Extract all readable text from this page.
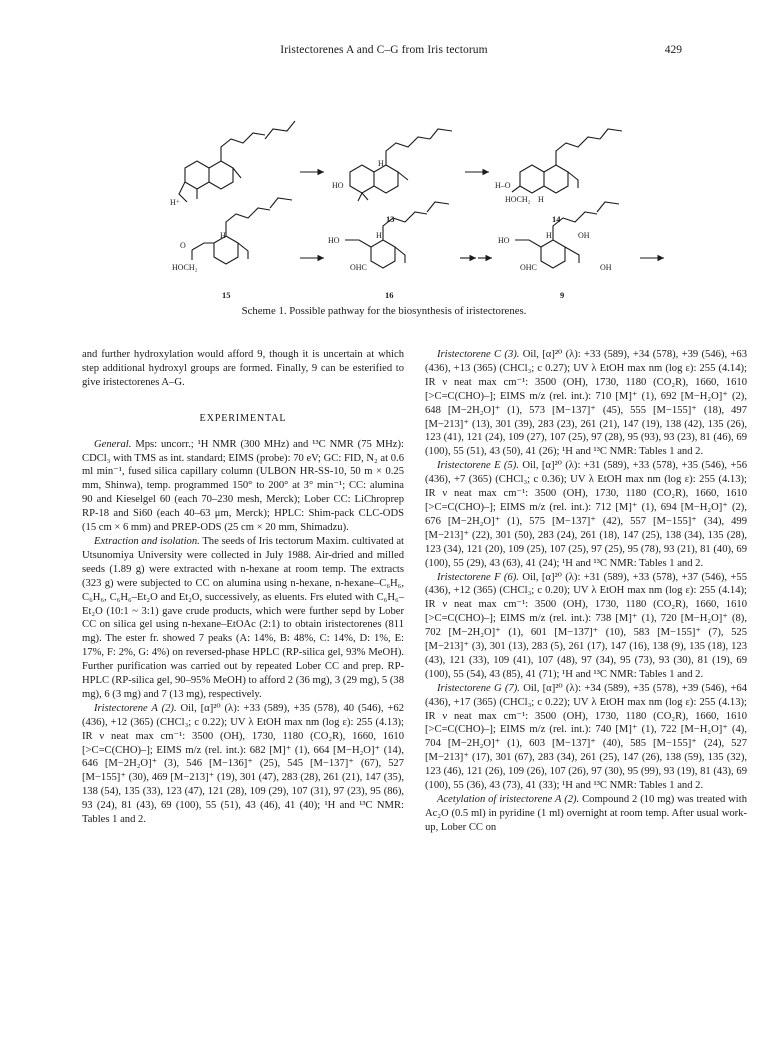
Iristectorenes A and C–G from Iris tectorum	429
H⁺
HO
H
13
H–O
HOCH₂ H
14
O
HOCH₂
H
15
HO
OHC
H
16
HO
OHC
OH
OH
H
9
Scheme 1. Possible pathway for the biosynthesis of iristectorenes.

and further hydroxylation would afford 9, though it is uncertain at which step additional hydroxyl groups are formed. Finally, 9 can be esterified to give iristectorenes A–G.

EXPERIMENTAL

General. Mps: uncorr.; ¹H NMR (300 MHz) and ¹³C NMR (75 MHz): CDCl₃ with TMS as int. standard; EIMS (probe): 70 eV; GC: FID, N₂ at 0.6 ml min⁻¹, fused silica capillary column (ULBON HR-SS-10, 50 m × 0.25 mm, Shinwa), temp. programmed 150° to 200° at 3° min⁻¹; CC: alumina 90 and Kieselgel 60 (each 70–230 mesh, Merck); Lober CC: LiChroprep RP-18 and Si60 (each 40–63 μm, Merck); HPLC: Shim-pack CLC-ODS (15 cm × 6 mm) and PREP-ODS (25 cm × 20 mm, Shimadzu).

Extraction and isolation. The seeds of Iris tectorum Maxim. cultivated at Utsunomiya University were collected in July 1988. Air-dried and milled seeds (1.89 g) were extracted with n-hexane at room temp. The extracts (323 g) were subjected to CC on alumina using n-hexane, n-hexane–C₆H₆, C₆H₆, C₆H₆–Et₂O and Et₂O, successively, as eluents. Frs eluted with C₆H₆–Et₂O (10:1 ~ 3:1) gave crude products, which were further sepd by Lober CC on silica gel using n-hexane–EtOAc (2:1) to obtain iristectorenes (811 mg). The ester fr. showed 7 peaks (A: 14%, B: 48%, C: 14%, D: 1%, E: 17%, F: 2%, G: 4%) on reversed-phase HPLC (RP-silica gel, 93% MeOH). Further purification was carried out by repeated Lober CC and prep. RP-HPLC (RP-silica gel, 90–95% MeOH) to afford 2 (36 mg), 3 (29 mg), 5 (38 mg), 6 (3 mg) and 7 (13 mg), respectively.

Iristectorene A (2). Oil, [α]²⁰ (λ): +33 (589), +35 (578), 40 (546), +62 (436), +12 (365) (CHCl₃; c 0.22); UV λ EtOH max nm (log ε): 255 (4.13); IR ν neat max cm⁻¹: 3500 (OH), 1730, 1180 (CO₂R), 1660, 1610 [>C=C(CHO)–]; EIMS m/z (rel. int.): 682 [M]⁺ (1), 664 [M−H₂O]⁺ (14), 646 [M−2H₂O]⁺ (3), 546 [M−136]⁺ (25), 545 [M−137]⁺ (67), 527 [M−155]⁺ (30), 469 [M−213]⁺ (19), 301 (47), 283 (28), 261 (21), 147 (35), 138 (54), 135 (33), 123 (47), 121 (28), 109 (29), 107 (31), 97 (23), 95 (86), 93 (24), 81 (43), 69 (100), 55 (51), 43 (46), 41 (40); ¹H and ¹³C NMR: Tables 1 and 2.

Iristectorene C (3). Oil, [α]²⁰ (λ): +33 (589), +34 (578), +39 (546), +63 (436), +13 (365) (CHCl₃; c 0.27); UV λ EtOH max nm (log ε): 255 (4.14); IR ν neat max cm⁻¹: 3500 (OH), 1730, 1180 (CO₂R), 1660, 1610 [>C=C(CHO)–]; EIMS m/z (rel. int.): 710 [M]⁺ (1), 692 [M−H₂O]⁺ (2), 648 [M−2H₂O]⁺ (1), 573 [M−137]⁺ (45), 555 [M−155]⁺ (18), 497 [M−213]⁺ (13), 301 (39), 283 (23), 261 (21), 147 (19), 138 (42), 135 (26), 123 (41), 121 (24), 109 (27), 107 (25), 97 (28), 95 (93), 93 (23), 81 (46), 69 (100), 55 (51), 43 (50), 41 (26); ¹H and ¹³C NMR: Tables 1 and 2.

Iristectorene E (5). Oil, [α]²⁰ (λ): +31 (589), +33 (578), +35 (546), +56 (436), +7 (365) (CHCl₃; c 0.36); UV λ EtOH max nm (log ε): 255 (4.13); IR ν neat max cm⁻¹: 3500 (OH), 1730, 1180 (CO₂R), 1660, 1610 [>C=C(CHO)–]; EIMS m/z (rel. int.): 712 [M]⁺ (1), 694 [M−H₂O]⁺ (2), 676 [M−2H₂O]⁺ (1), 575 [M−137]⁺ (42), 557 [M−155]⁺ (34), 499 [M−213]⁺ (22), 301 (50), 283 (24), 261 (18), 147 (25), 138 (34), 135 (28), 123 (34), 121 (20), 109 (25), 107 (25), 97 (25), 95 (78), 93 (21), 81 (40), 69 (100), 55 (29), 43 (63), 41 (24); ¹H and ¹³C NMR: Tables 1 and 2.

Iristectorene F (6). Oil, [α]²⁰ (λ): +31 (589), +33 (578), +37 (546), +55 (436), +12 (365) (CHCl₃; c 0.20); UV λ EtOH max nm (log ε): 255 (4.14); IR ν neat max cm⁻¹: 3500 (OH), 1730, 1180 (CO₂R), 1660, 1610 [>C=C(CHO)–]; EIMS m/z (rel. int.): 738 [M]⁺ (1), 720 [M−H₂O]⁺ (8), 702 [M−2H₂O]⁺ (1), 601 [M−137]⁺ (10), 583 [M−155]⁺ (7), 525 [M−213]⁺ (3), 301 (13), 283 (5), 261 (17), 147 (16), 138 (9), 135 (18), 123 (43), 121 (33), 109 (41), 107 (48), 97 (34), 95 (73), 93 (30), 81 (19), 69 (100), 55 (54), 43 (85), 41 (71); ¹H and ¹³C NMR: Tables 1 and 2.

Iristectorene G (7). Oil, [α]²⁰ (λ): +34 (589), +35 (578), +39 (546), +64 (436), +17 (365) (CHCl₃; c 0.22); UV λ EtOH max nm (log ε): 255 (4.13); IR ν neat max cm⁻¹: 3500 (OH), 1730, 1180 (CO₂R), 1660, 1610 [>C=C(CHO)–]; EIMS m/z (rel. int.): 740 [M]⁺ (1), 722 [M−H₂O]⁺ (4), 704 [M−2H₂O]⁺ (1), 603 [M−137]⁺ (40), 585 [M−155]⁺ (24), 527 [M−213]⁺ (17), 301 (67), 283 (34), 261 (25), 147 (26), 138 (59), 135 (32), 123 (46), 121 (26), 109 (26), 107 (26), 97 (30), 95 (99), 93 (19), 81 (43), 69 (100), 55 (36), 43 (73), 41 (33); ¹H and ¹³C NMR: Tables 1 and 2.

Acetylation of iristectorene A (2). Compound 2 (10 mg) was treated with Ac₂O (0.5 ml) in pyridine (1 ml) overnight at room temp. After usual work-up, Lober CC on
